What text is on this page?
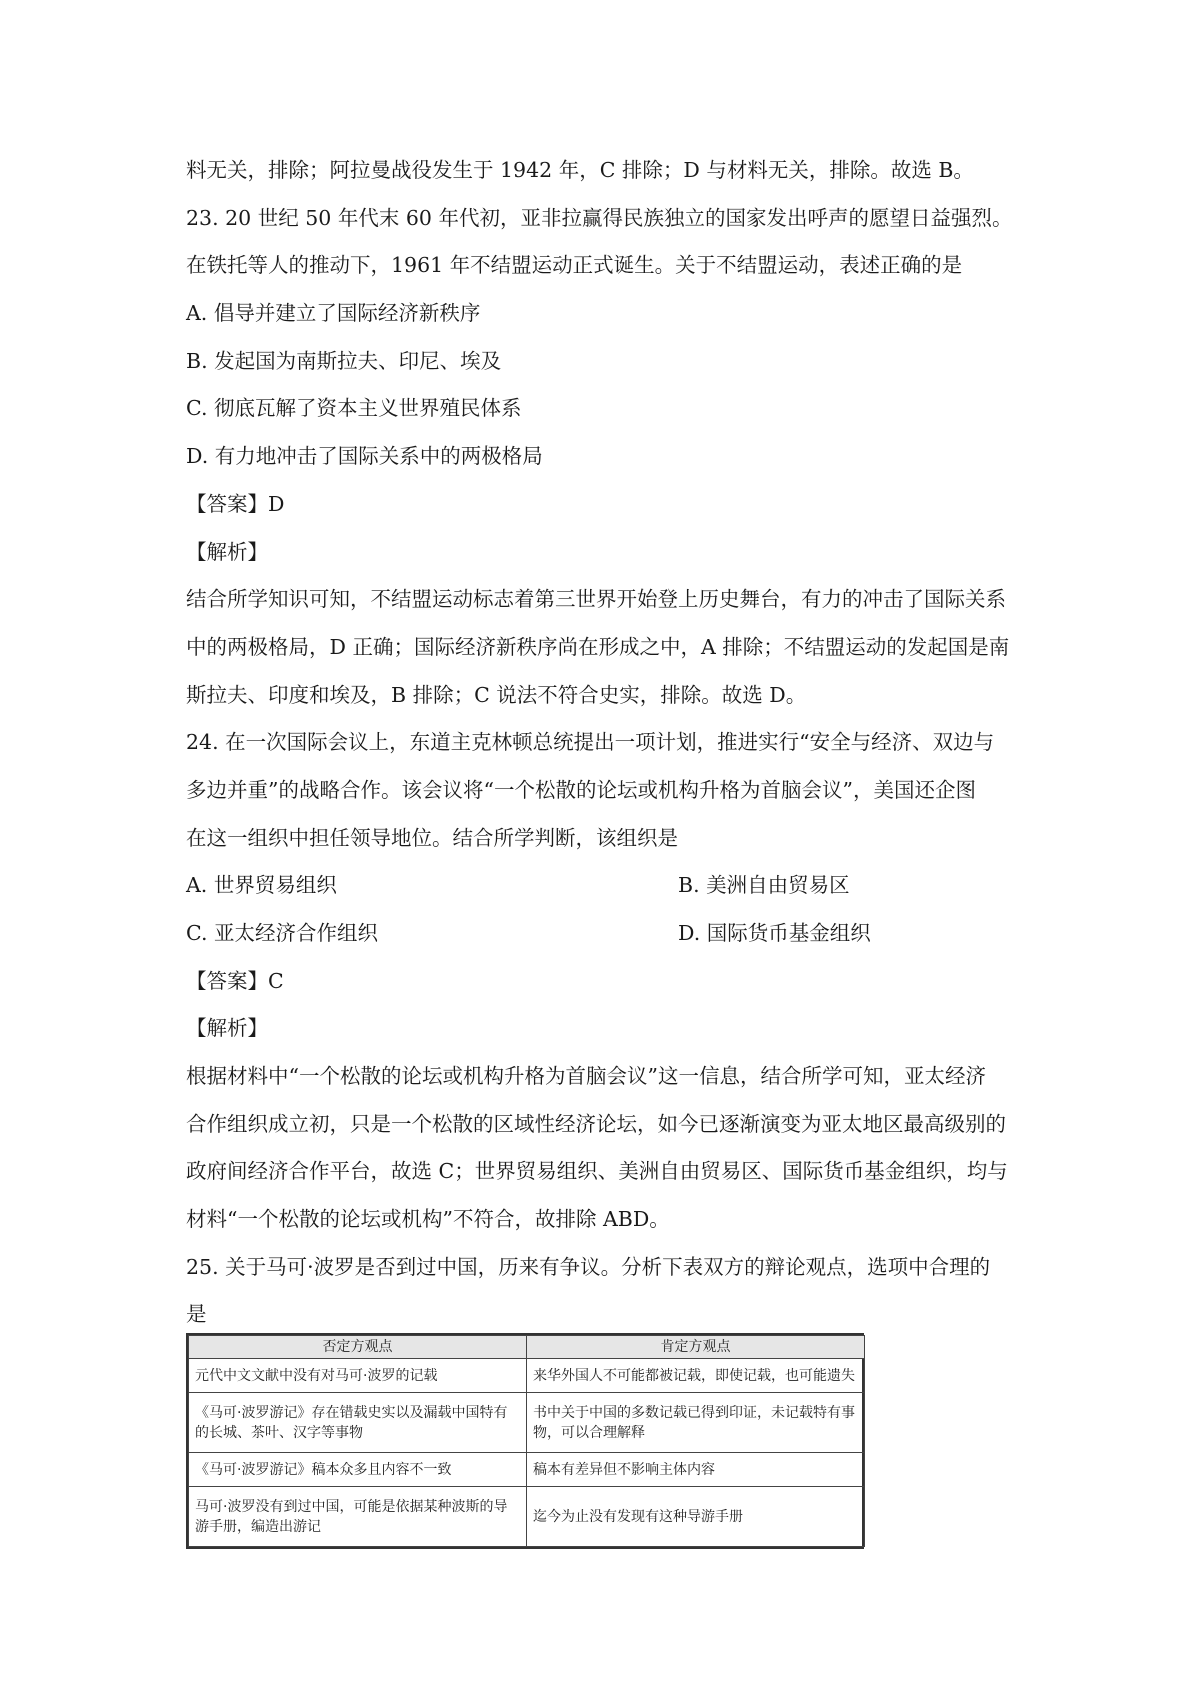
料无关，排除；阿拉曼战役发生于 1942 年，C 排除；D 与材料无关，排除。故选 B。
23. 20 世纪 50 年代末 60 年代初，亚非拉赢得民族独立的国家发出呼声的愿望日益强烈。
在铁托等人的推动下，1961 年不结盟运动正式诞生。关于不结盟运动，表述正确的是
A. 倡导并建立了国际经济新秩序
B. 发起国为南斯拉夫、印尼、埃及
C. 彻底瓦解了资本主义世界殖民体系
D. 有力地冲击了国际关系中的两极格局
【答案】D
【解析】
结合所学知识可知，不结盟运动标志着第三世界开始登上历史舞台，有力的冲击了国际关系
中的两极格局，D 正确；国际经济新秩序尚在形成之中，A 排除；不结盟运动的发起国是南
斯拉夫、印度和埃及，B 排除；C 说法不符合史实，排除。故选 D。
24. 在一次国际会议上，东道主克林顿总统提出一项计划，推进实行“安全与经济、双边与
多边并重”的战略合作。该会议将“一个松散的论坛或机构升格为首脑会议”，美国还企图
在这一组织中担任领导地位。结合所学判断，该组织是
A. 世界贸易组织	B. 美洲自由贸易区
C. 亚太经济合作组织	D. 国际货币基金组织
【答案】C
【解析】
根据材料中“一个松散的论坛或机构升格为首脑会议”这一信息，结合所学可知，亚太经济
合作组织成立初，只是一个松散的区域性经济论坛，如今已逐渐演变为亚太地区最高级别的
政府间经济合作平台，故选 C；世界贸易组织、美洲自由贸易区、国际货币基金组织，均与
材料“一个松散的论坛或机构”不符合，故排除 ABD。
25. 关于马可·波罗是否到过中国，历来有争议。分析下表双方的辩论观点，选项中合理的
是
否定方观点	肯定方观点
元代中文文献中没有对马可·波罗的记载	来华外国人不可能都被记载，即使记载，也可能遗失
《马可·波罗游记》存在错载史实以及漏载中国特有的长城、茶叶、汉字等事物	书中关于中国的多数记载已得到印证，未记载特有事物，可以合理解释
《马可·波罗游记》稿本众多且内容不一致	稿本有差异但不影响主体内容
马可·波罗没有到过中国，可能是依据某种波斯的导游手册，编造出游记	迄今为止没有发现有这种导游手册
